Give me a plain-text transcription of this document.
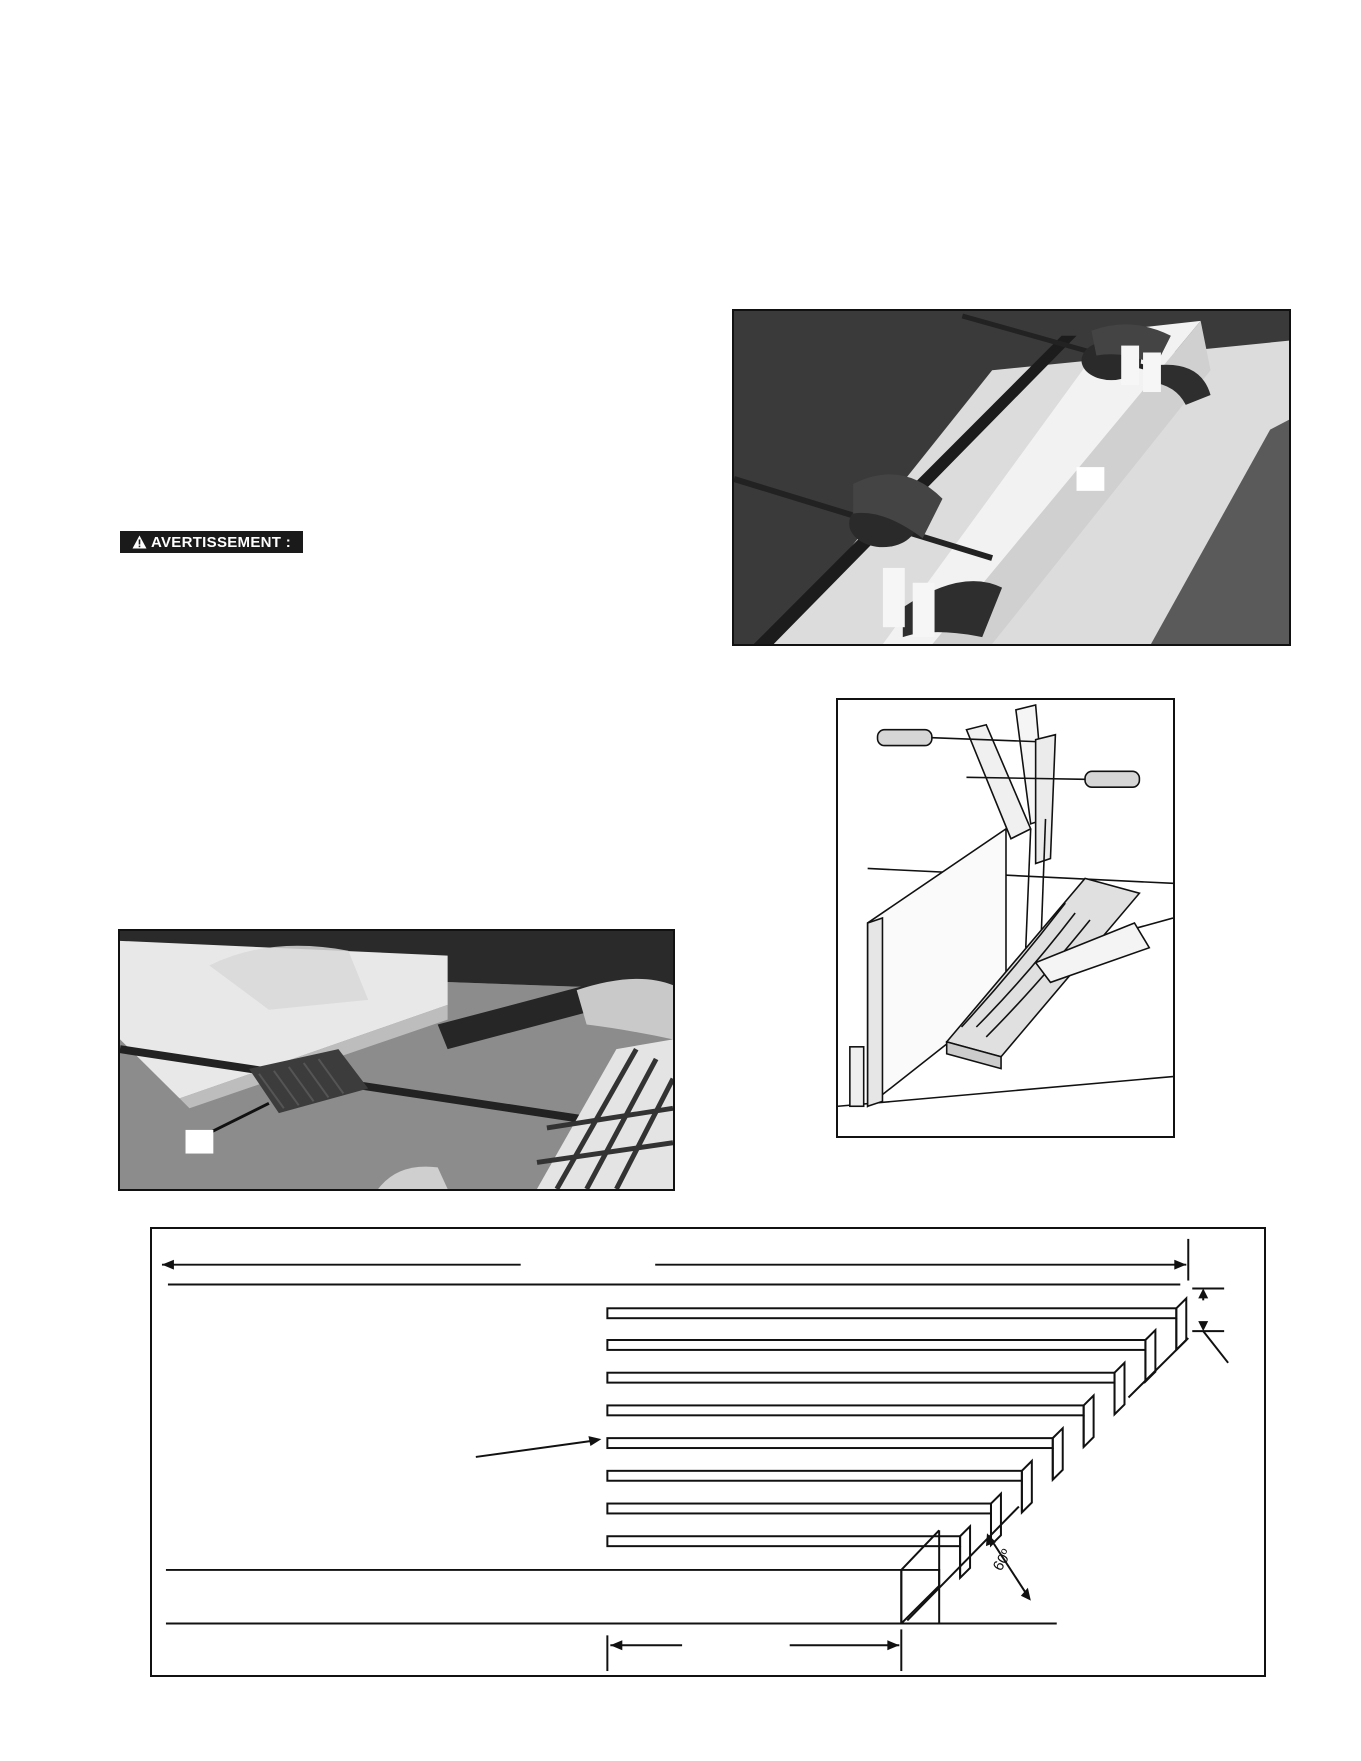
AVERTISSEMENT :
60º
